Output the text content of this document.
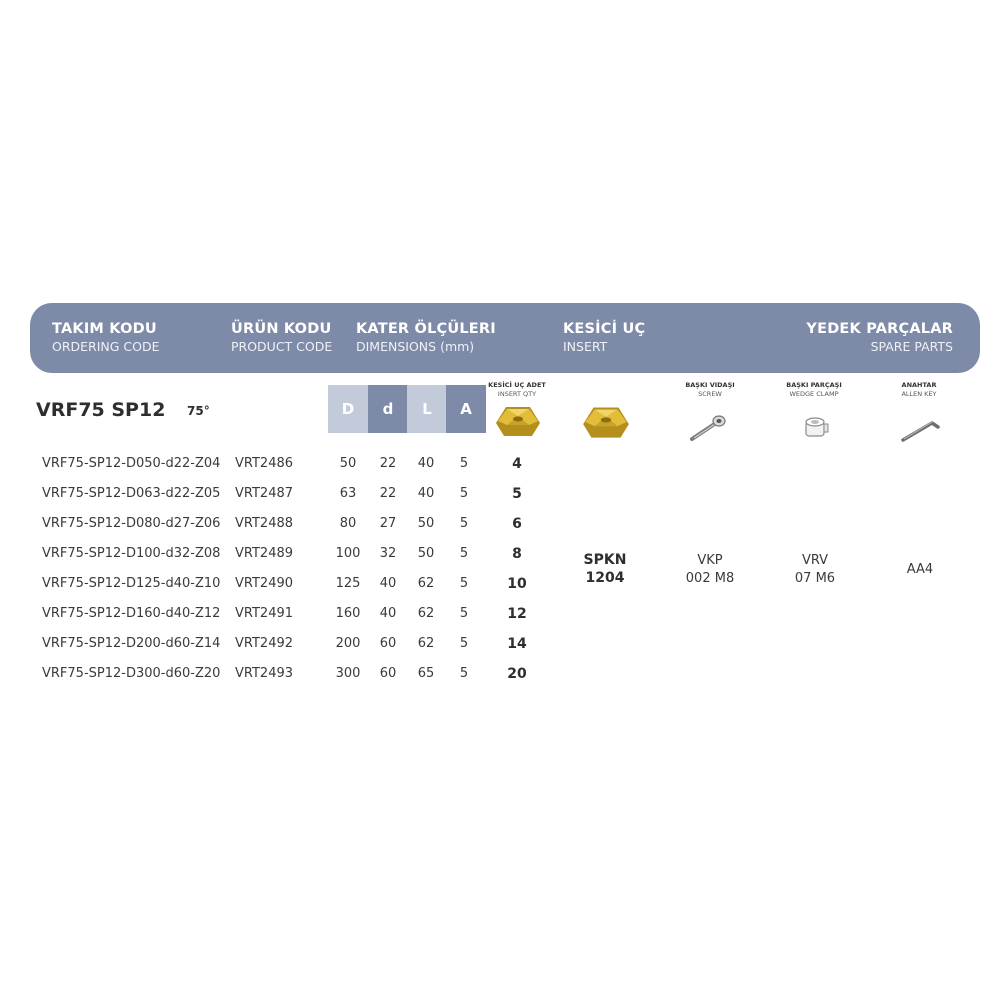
TAKIM KODU
ORDERING CODE
ÜRÜN KODU
PRODUCT CODE
KATER ÖLÇÜLERI
DIMENSIONS (mm)
KESİCİ UÇ
INSERT
YEDEK PARÇALAR
SPARE PARTS
VRF75 SP12 75°	D	d	L	A
KESİCİ UÇ ADET
INSERT QTY
BAŞKI VIDAŞI
SCREW
BAŞKI PARÇAŞI
WEDGE CLAMP
ANAHTAR
ALLEN KEY
VRF75-SP12-D050-d22-Z04 VRT2486	50	22	40	5	4
VRF75-SP12-D063-d22-Z05 VRT2487	63	22	40	5	5
VRF75-SP12-D080-d27-Z06 VRT2488	80	27	50	5	6
VRF75-SP12-D100-d32-Z08 VRT2489	100	32	50	5	8
VRF75-SP12-D125-d40-Z10 VRT2490	125	40	62	5	10
VRF75-SP12-D160-d40-Z12 VRT2491	160	40	62	5	12
VRF75-SP12-D200-d60-Z14 VRT2492	200	60	62	5	14
VRF75-SP12-D300-d60-Z20 VRT2493	300	60	65	5	20
SPKN
1204
VKP
002 M8
VRV
07 M6
AA4
